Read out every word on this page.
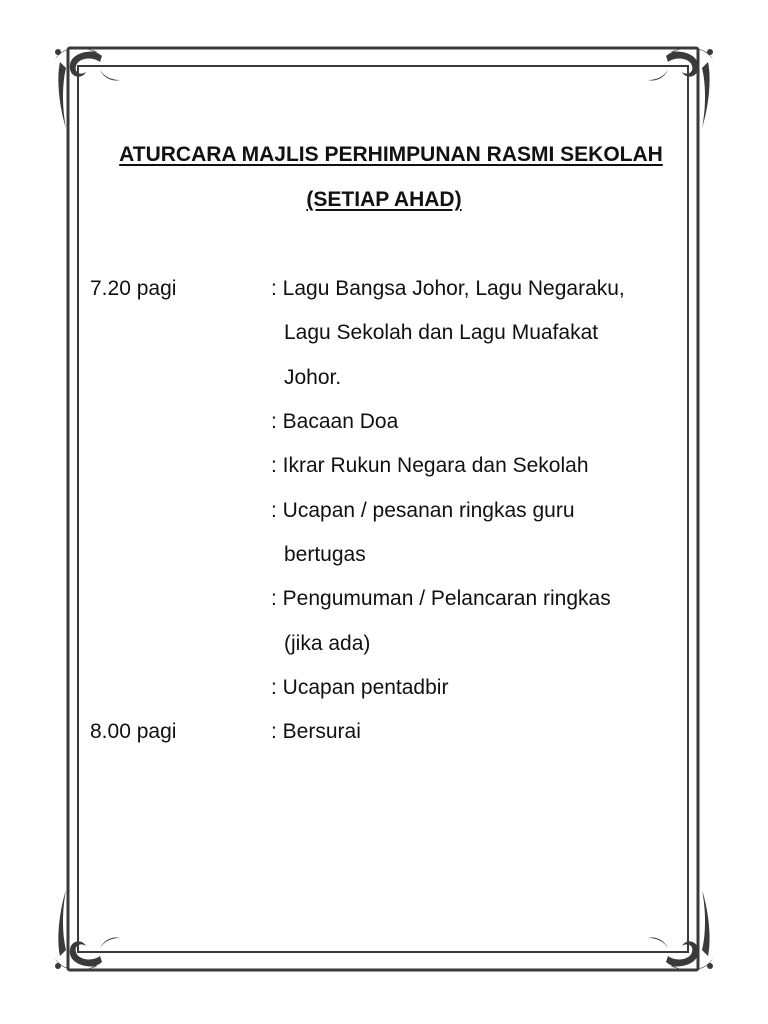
ATURCARA MAJLIS PERHIMPUNAN RASMI SEKOLAH
(SETIAP AHAD)
7.20 pagi	: Lagu Bangsa Johor, Lagu Negaraku,
Lagu Sekolah dan Lagu Muafakat
Johor.
: Bacaan Doa
: Ikrar Rukun Negara dan Sekolah
: Ucapan / pesanan ringkas guru
bertugas
: Pengumuman / Pelancaran ringkas
(jika ada)
: Ucapan pentadbir
8.00 pagi	: Bersurai
